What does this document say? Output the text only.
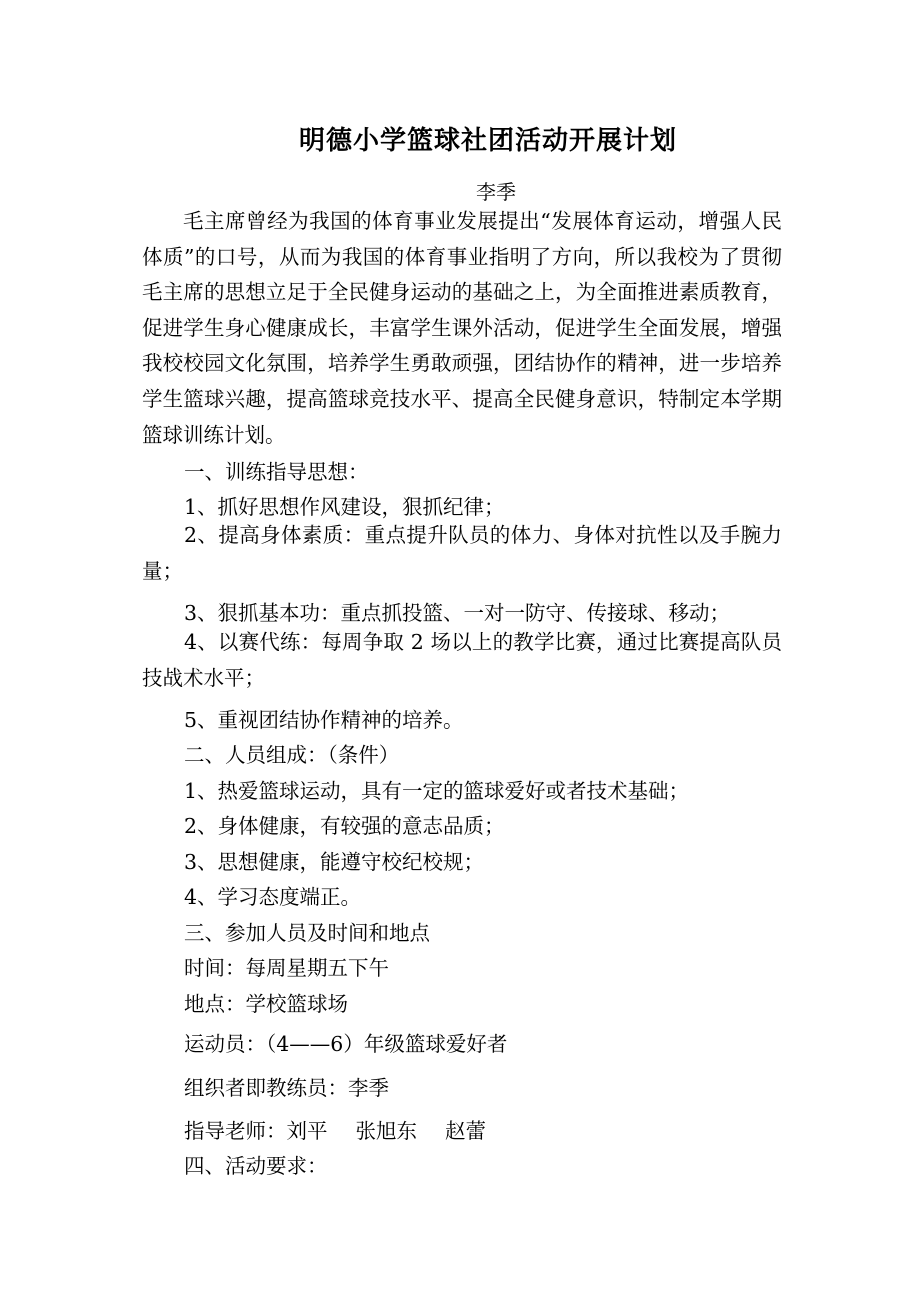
明德小学篮球社团活动开展计划
李季

毛主席曾经为我国的体育事业发展提出“发展体育运动，增强人民体质”的口号，从而为我国的体育事业指明了方向，所以我校为了贯彻毛主席的思想立足于全民健身运动的基础之上，为全面推进素质教育，促进学生身心健康成长，丰富学生课外活动，促进学生全面发展，增强我校校园文化氛围，培养学生勇敢顽强，团结协作的精神，进一步培养学生篮球兴趣，提高篮球竞技水平、提高全民健身意识，特制定本学期篮球训练计划。

一、训练指导思想：

1、抓好思想作风建设，狠抓纪律；

2、提高身体素质：重点提升队员的体力、身体对抗性以及手腕力量；

3、狠抓基本功：重点抓投篮、一对一防守、传接球、移动；

4、以赛代练：每周争取 2 场以上的教学比赛，通过比赛提高队员技战术水平；

5、重视团结协作精神的培养。

二、人员组成：（条件）

1、热爱篮球运动，具有一定的篮球爱好或者技术基础；

2、身体健康，有较强的意志品质；

3、思想健康，能遵守校纪校规；

4、学习态度端正。

三、参加人员及时间和地点

时间：每周星期五下午

地点：学校篮球场

运动员：（4——6）年级篮球爱好者

组织者即教练员：李季

指导老师：刘平 张旭东 赵蕾

四、活动要求：
